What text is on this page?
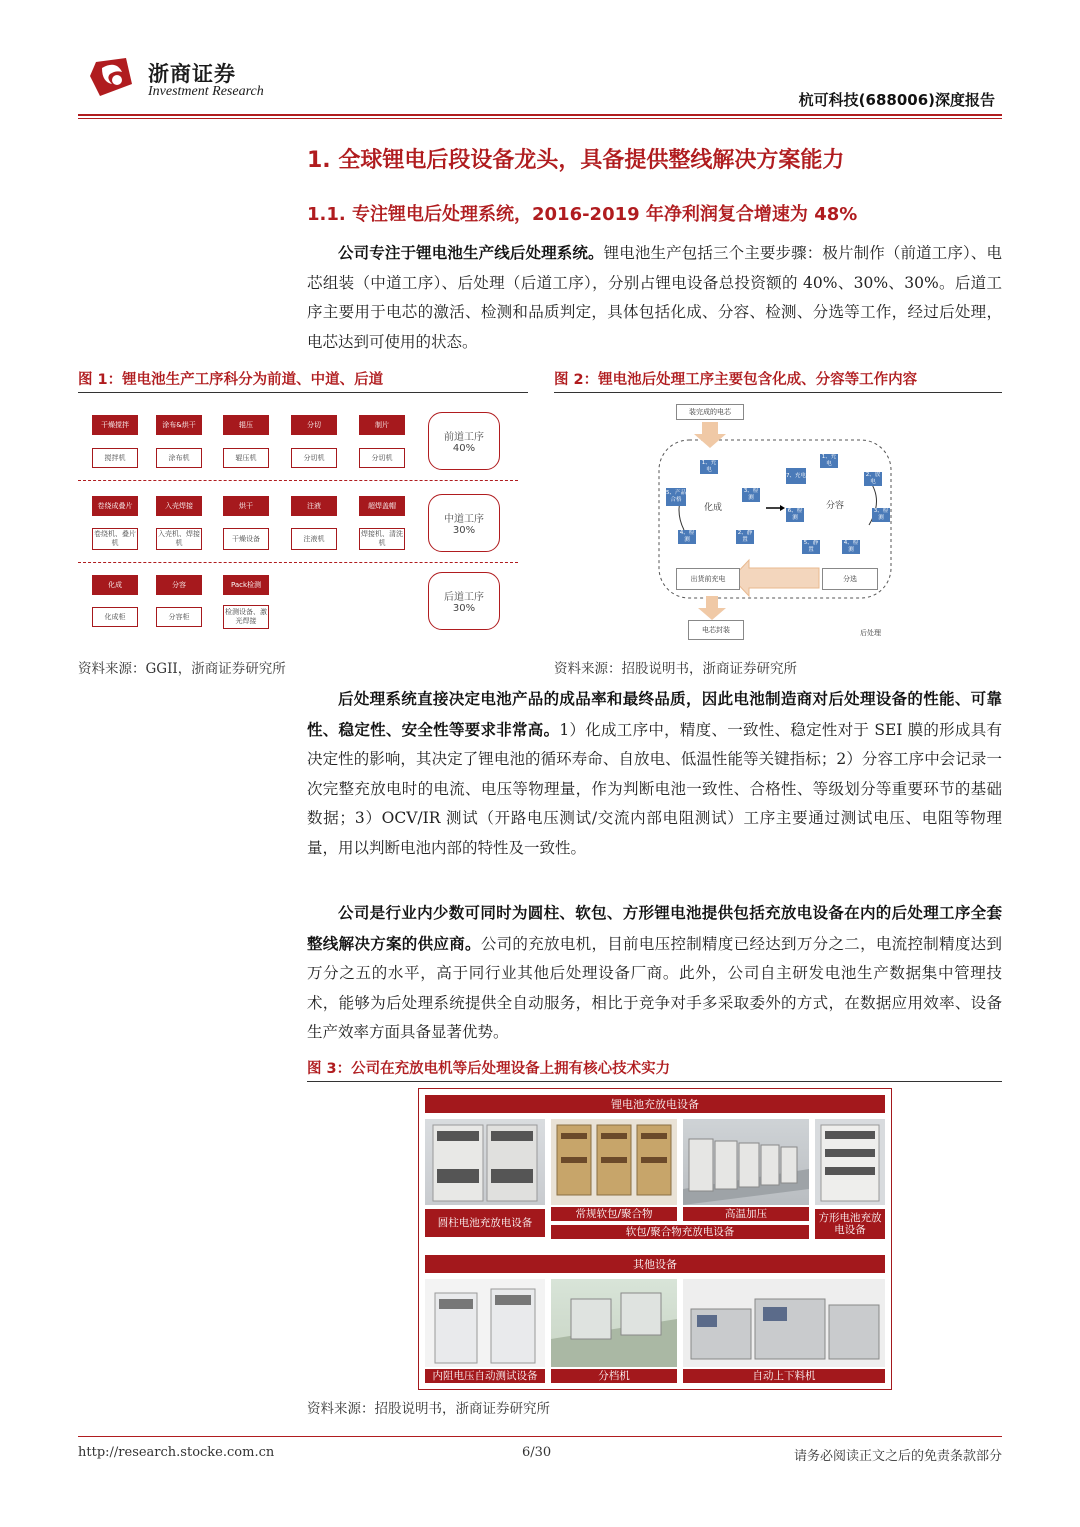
浙商证券
Investment Research	杭可科技(688006)深度报告
1. 全球锂电后段设备龙头，具备提供整线解决方案能力
1.1. 专注锂电后处理系统，2016-2019 年净利润复合增速为 48%
公司专注于锂电池生产线后处理系统。锂电池生产包括三个主要步骤：极片制作（前道工序）、电芯组装（中道工序）、后处理（后道工序），分别占锂电设备总投资额的 40%、30%、30%。后道工序主要用于电芯的激活、检测和品质判定，具体包括化成、分容、检测、分选等工作，经过后处理，电芯达到可使用的状态。
图 1：锂电池生产工序科分为前道、中道、后道
干燥搅拌
搅拌机
涂布&烘干
涂布机
辊压
辊压机
分切
分切机
制片
分切机
前道工序
40%
卷绕成叠片
卷绕机、叠片机
入壳焊接
入壳机、焊接机
烘干
干燥设备
注液
注液机
超焊盖帽
焊接机、清洗机
中道工序
30%
化成
化成柜
分容
分容柜
Pack检测
检测设备、激光焊接
后道工序
30%
资料来源：GGII，浙商证券研究所
图 2：锂电池后处理工序主要包含化成、分容等工作内容
装完成的电芯
1、充电
3、检测
2、静置
4、检测
5、产品合格
化成
7、充电
1、充电
2、放电
3、检测
4、检测
5、静置
6、检测
分容
分选
出货前充电
电芯封装	后处理
资料来源：招股说明书，浙商证券研究所
后处理系统直接决定电池产品的成品率和最终品质，因此电池制造商对后处理设备的性能、可靠性、稳定性、安全性等要求非常高。1）化成工序中，精度、一致性、稳定性对于 SEI 膜的形成具有决定性的影响，其决定了锂电池的循环寿命、自放电、低温性能等关键指标；2）分容工序中会记录一次完整充放电时的电流、电压等物理量，作为判断电池一致性、合格性、等级划分等重要环节的基础数据；3）OCV/IR 测试（开路电压测试/交流内部电阻测试）工序主要通过测试电压、电阻等物理量，用以判断电池内部的特性及一致性。
公司是行业内少数可同时为圆柱、软包、方形锂电池提供包括充放电设备在内的后处理工序全套整线解决方案的供应商。公司的充放电机，目前电压控制精度已经达到万分之二，电流控制精度达到万分之五的水平，高于同行业其他后处理设备厂商。此外，公司自主研发电池生产数据集中管理技术，能够为后处理系统提供全自动服务，相比于竞争对手多采取委外的方式，在数据应用效率、设备生产效率方面具备显著优势。
图 3：公司在充放电机等后处理设备上拥有核心技术实力
锂电池充放电设备
圆柱电池充放电设备
常规软包/聚合物	高温加压
软包/聚合物充放电设备
方形电池充放电设备
其他设备
内阻电压自动测试设备	分档机	自动上下料机
资料来源：招股说明书，浙商证券研究所
http://research.stocke.com.cn	6/30	请务必阅读正文之后的免责条款部分
